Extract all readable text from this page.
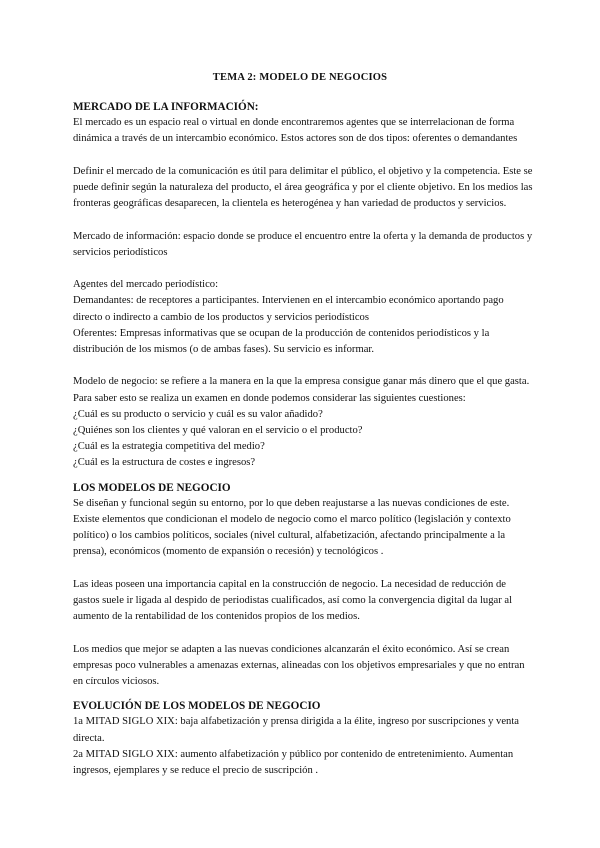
TEMA 2: MODELO DE NEGOCIOS

MERCADO DE LA INFORMACIÓN:

El mercado es un espacio real o virtual en donde encontraremos agentes que se interrelacionan de forma dinámica a través de un intercambio económico. Estos actores son de dos tipos: oferentes o demandantes

Definir el mercado de la comunicación es útil para delimitar el público, el objetivo y la competencia. Este se puede definir según la naturaleza del producto, el área geográfica y por el cliente objetivo. En los medios las fronteras geográficas desaparecen, la clientela es heterogénea y han variedad de productos y servicios.

Mercado de información: espacio donde se produce el encuentro entre la oferta y la demanda de productos y servicios periodísticos

Agentes del mercado periodístico:

Demandantes: de receptores a participantes. Intervienen en el intercambio económico aportando pago directo o indirecto a cambio de los productos y servicios periodísticos

Oferentes: Empresas informativas que se ocupan de la producción de contenidos periodísticos y la distribución de los mismos (o de ambas fases). Su servicio es informar.

Modelo de negocio: se refiere a la manera en la que la empresa consigue ganar más dinero que el que gasta.

Para saber esto se realiza un examen en donde podemos considerar las siguientes cuestiones:

¿Cuál es su producto o servicio y cuál es su valor añadido?

¿Quiénes son los clientes y qué valoran en el servicio o el producto?

¿Cuál es la estrategia competitiva del medio?

¿Cuál es la estructura de costes e ingresos?

LOS MODELOS DE NEGOCIO

Se diseñan y funcional según su entorno, por lo que deben reajustarse a las nuevas condiciones de este. Existe elementos que condicionan el modelo de negocio como el marco político (legislación y contexto político) o los cambios políticos, sociales (nivel cultural, alfabetización, afectando principalmente a la prensa), económicos (momento de expansión o recesión) y tecnológicos .

Las ideas poseen una importancia capital en la construcción de negocio. La necesidad de reducción de gastos suele ir ligada al despido de periodistas cualificados, así como la convergencia digital da lugar al aumento de la rentabilidad de los contenidos propios de los medios.

Los medios que mejor se adapten a las nuevas condiciones alcanzarán el éxito económico. Así se crean empresas poco vulnerables a amenazas externas, alineadas con los objetivos empresariales y que no entran en círculos viciosos.

EVOLUCIÓN DE LOS MODELOS DE NEGOCIO

1a MITAD SIGLO XIX: baja alfabetización y prensa dirigida a la élite, ingreso por suscripciones y venta directa.

2a MITAD SIGLO XIX: aumento alfabetización y público por contenido de entretenimiento. Aumentan ingresos, ejemplares y se reduce el precio de suscripción .
